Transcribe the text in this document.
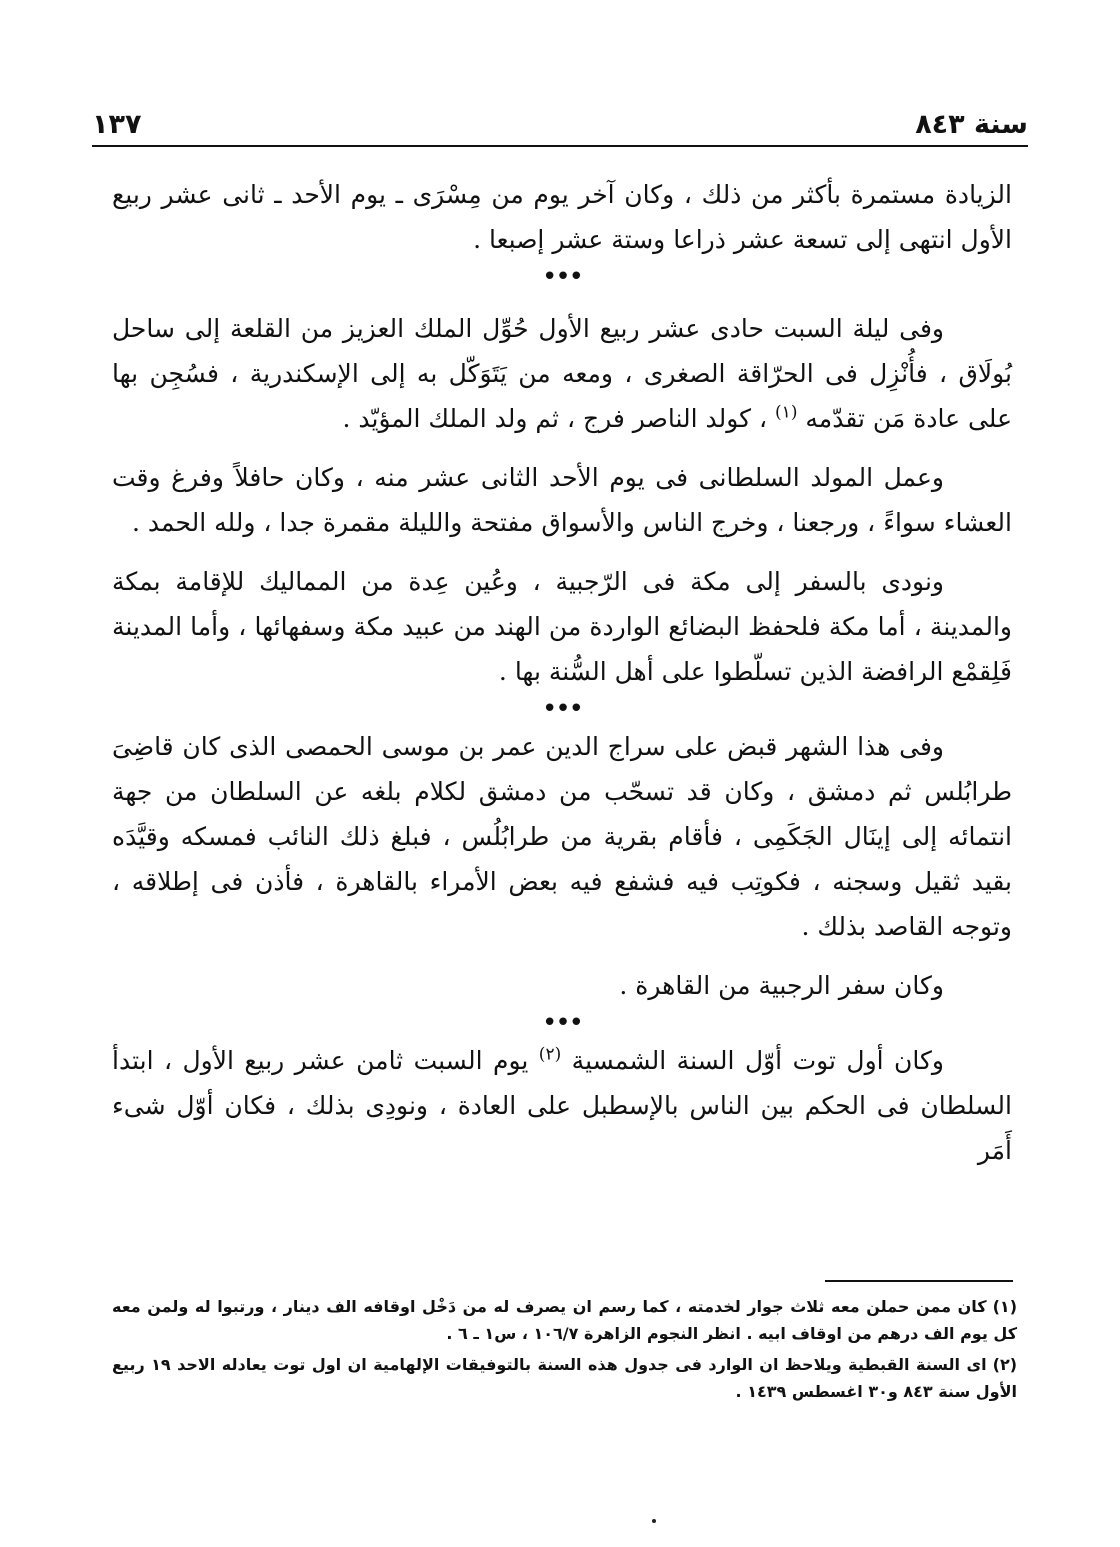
سنة ٨٤٣
١٣٧

الزيادة مستمرة بأكثر من ذلك ، وكان آخر يوم من مِسْرَى ـ يوم الأحد ـ ثانى عشر ربيع الأول انتهى إلى تسعة عشر ذراعا وستة عشر إصبعا .

•••

وفى ليلة السبت حادى عشر ربيع الأول حُوِّل الملك العزيز من القلعة إلى ساحل بُولَاق ، فأُنْزِل فى الحرّاقة الصغرى ، ومعه من يَتَوَكّل به إلى الإسكندرية ، فسُجِن بها على عادة مَن تقدّمه $^{(١)}$ ، كولد الناصر فرج ، ثم ولد الملك المؤيّد .

وعمل المولد السلطانى فى يوم الأحد الثانى عشر منه ، وكان حافلاً وفرغ وقت العشاء سواءً ، ورجعنا ، وخرج الناس والأسواق مفتحة والليلة مقمرة جدا ، ولله الحمد .

ونودى بالسفر إلى مكة فى الرّجبية ، وعُين عِدة من المماليك للإقامة بمكة والمدينة ، أما مكة فلحفظ البضائع الواردة من الهند من عبيد مكة وسفهائها ، وأما المدينة فَلِقمْع الرافضة الذين تسلّطوا على أهل السُّنة بها .

•••

وفى هذا الشهر قبض على سراج الدين عمر بن موسى الحمصى الذى كان قاضِىَ طرابُلس ثم دمشق ، وكان قد تسحّب من دمشق لكلام بلغه عن السلطان من جهة انتمائه إلى إينَال الجَكَمِى ، فأقام بقرية من طرابُلُس ، فبلغ ذلك النائب فمسكه وقيَّدَه بقيد ثقيل وسجنه ، فكوتِب فيه فشفع فيه بعض الأمراء بالقاهرة ، فأذن فى إطلاقه ، وتوجه القاصد بذلك .

وكان سفر الرجبية من القاهرة .

•••

وكان أول توت أوّل السنة الشمسية $^{(٢)}$ يوم السبت ثامن عشر ربيع الأول ، ابتدأ السلطان فى الحكم بين الناس بالإسطبل على العادة ، ونودِى بذلك ، فكان أوّل شىء أَمَر

(١)كان ممن حملن معه ثلاث جوار لخدمته ، كما رسم ان يصرف له من دَخْل اوقافه الف دينار ، ورتبوا له ولمن معه كل يوم الف درهم من اوقاف ابيه . انظر النجوم الزاهرة ١٠٦/٧ ، س١ ـ ٦ .

(٢)اى السنة القبطية ويلاحظ ان الوارد فى جدول هذه السنة بالتوفيقات الإلهامية ان اول توت يعادله الاحد ١٩ ربيع الأول سنة ٨٤٣ و٣٠ اغسطس ١٤٣٩ .
